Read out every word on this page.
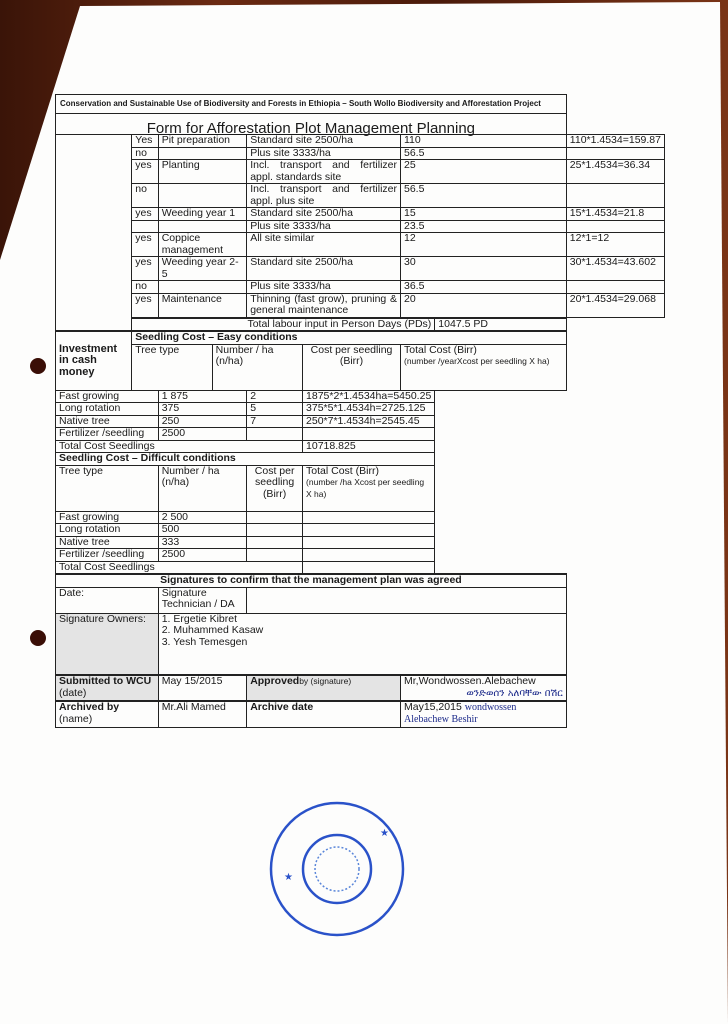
Conservation and Sustainable Use of Biodiversity and Forests in Ethiopia – South Wollo Biodiversity and Afforestation Project								
Form for Afforestation Plot Management Planning								
	Yes	Pit preparation		Standard site 2500/ha		110		110*1.4534=159.87
	no			Plus site 3333/ha		56.5		
	yes	Planting		Incl. transport and fertilizer appl. standards site		25		25*1.4534=36.34
	no			Incl. transport and fertilizer appl. plus site		56.5		
	yes	Weeding year 1		Standard site 2500/ha		15		15*1.4534=21.8
				Plus site 3333/ha		23.5		
	yes	Coppice management		All site similar		12		12*1=12
	yes	Weeding year 2-5		Standard site 2500/ha		30		30*1.4534=43.602
	no			Plus site 3333/ha		36.5		
	yes	Maintenance		Thinning (fast grow), pruning & general maintenance		20		20*1.4534=29.068
	Total labour input in Person Days (PDs)						1047.5 PD	
Investment in cash money	Seedling Cost – Easy conditions							
	Tree type		Number / ha (n/ha)		Cost per seedling (Birr)	Total Cost (Birr)
(number /yearXcost per seedling X ha)		

Fast growing		1 875		2	1875*2*1.4534ha=5450.25			
Long rotation		375		5	375*5*1.4534h=2725.125			
Native tree		250		7	250*7*1.4534h=2545.45			
Fertilizer /seedling		2500						
Total Cost Seedlings					10718.825			
Seedling Cost – Difficult conditions								
Tree type		Number / ha (n/ha)		Cost per seedling (Birr)	Total Cost (Birr)
(number /ha Xcost per seedling X ha)			

Fast growing		2 500						
Long rotation		500						
Native tree		333						
Fertilizer /seedling		2500						
Total Cost Seedlings								
Signatures to confirm that the management plan was agreed								
Date:		Signature Technician / DA						
Signature Owners:		1. Ergetie Kibret
2. Muhammed Kasaw
3. Yesh Temesgen						

Submitted to WCU (date)		May 15/2015		Approvedby (signature)		Mr,Wondwossen.Alebachew
ወንድወሰን አለባቸው በሽር		

Archived by (name)		Mr.Ali Mamed		Archive date		May15,2015 wondwossen Alebachew Beshir		
★
★
